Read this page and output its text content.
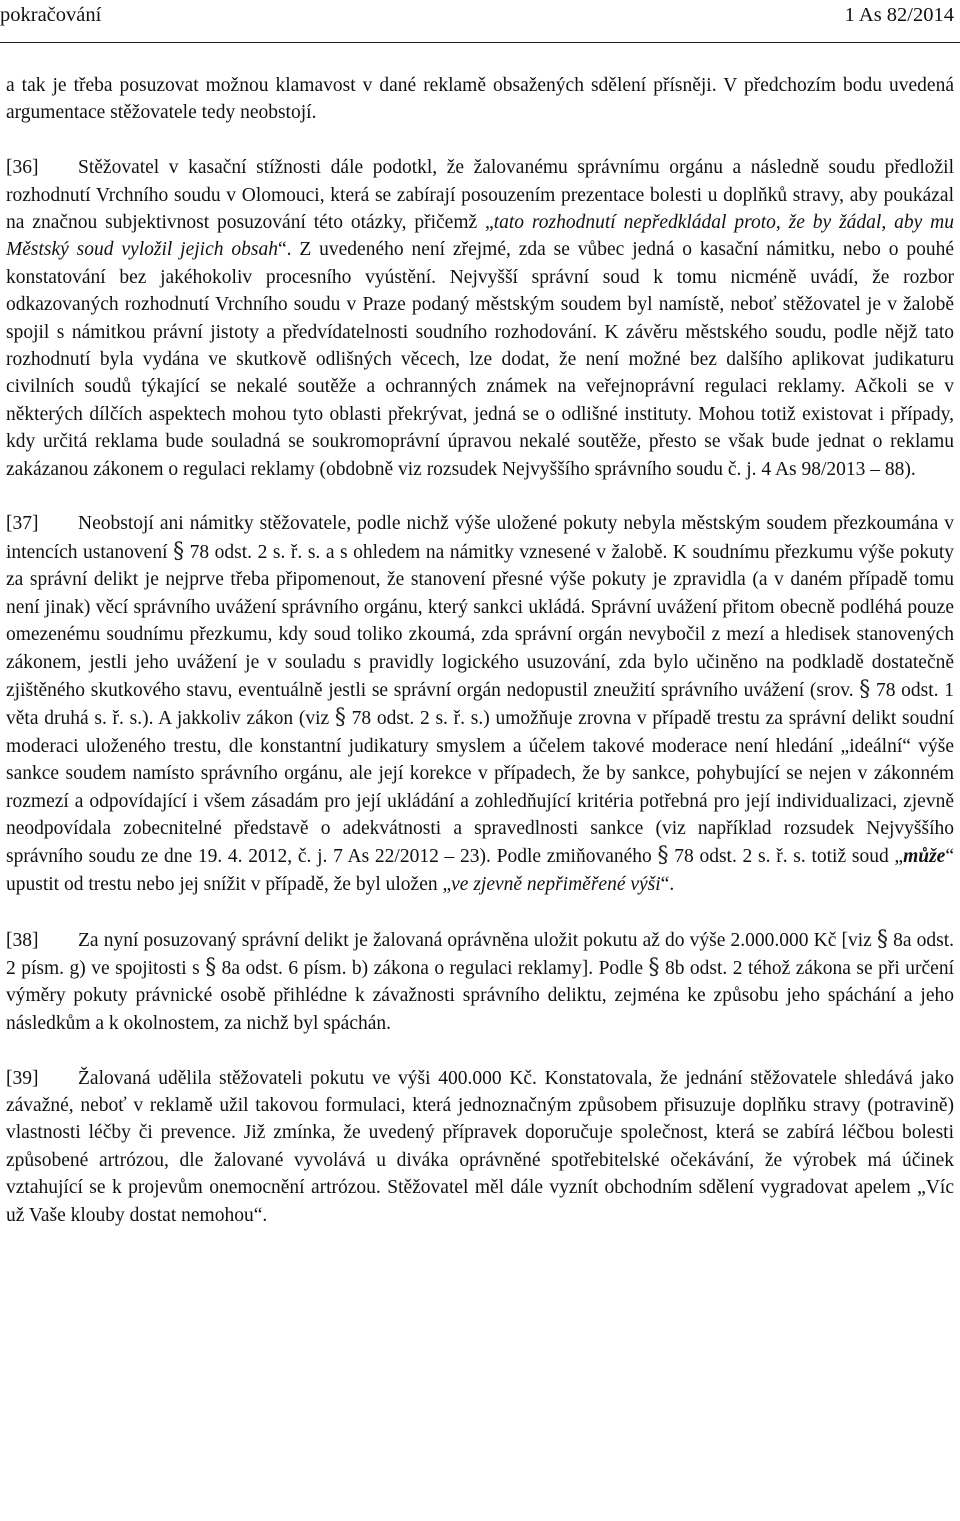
pokračování	1 As 82/2014

a tak je třeba posuzovat možnou klamavost v dané reklamě obsažených sdělení přísněji. V předchozím bodu uvedená argumentace stěžovatele tedy neobstojí.

[36] Stěžovatel v kasační stížnosti dále podotkl, že žalovanému správnímu orgánu a následně soudu předložil rozhodnutí Vrchního soudu v Olomouci, která se zabírají posouzením prezentace bolesti u doplňků stravy, aby poukázal na značnou subjektivnost posuzování této otázky, přičemž „tato rozhodnutí nepředkládal proto, že by žádal, aby mu Městský soud vyložil jejich obsah“. Z uvedeného není zřejmé, zda se vůbec jedná o kasační námitku, nebo o pouhé konstatování bez jakéhokoliv procesního vyústění. Nejvyšší správní soud k tomu nicméně uvádí, že rozbor odkazovaných rozhodnutí Vrchního soudu v Praze podaný městským soudem byl namístě, neboť stěžovatel je v žalobě spojil s námitkou právní jistoty a předvídatelnosti soudního rozhodování. K závěru městského soudu, podle nějž tato rozhodnutí byla vydána ve skutkově odlišných věcech, lze dodat, že není možné bez dalšího aplikovat judikaturu civilních soudů týkající se nekalé soutěže a ochranných známek na veřejnoprávní regulaci reklamy. Ačkoli se v některých dílčích aspektech mohou tyto oblasti překrývat, jedná se o odlišné instituty. Mohou totiž existovat i případy, kdy určitá reklama bude souladná se soukromoprávní úpravou nekalé soutěže, přesto se však bude jednat o reklamu zakázanou zákonem o regulaci reklamy (obdobně viz rozsudek Nejvyššího správního soudu č. j. 4 As 98/2013 – 88).

[37] Neobstojí ani námitky stěžovatele, podle nichž výše uložené pokuty nebyla městským soudem přezkoumána v intencích ustanovení § 78 odst. 2 s. ř. s. a s ohledem na námitky vznesené v žalobě. K soudnímu přezkumu výše pokuty za správní delikt je nejprve třeba připomenout, že stanovení přesné výše pokuty je zpravidla (a v daném případě tomu není jinak) věcí správního uvážení správního orgánu, který sankci ukládá. Správní uvážení přitom obecně podléhá pouze omezenému soudnímu přezkumu, kdy soud toliko zkoumá, zda správní orgán nevybočil z mezí a hledisek stanovených zákonem, jestli jeho uvážení je v souladu s pravidly logického usuzování, zda bylo učiněno na podkladě dostatečně zjištěného skutkového stavu, eventuálně jestli se správní orgán nedopustil zneužití správního uvážení (srov. § 78 odst. 1 věta druhá s. ř. s.). A jakkoliv zákon (viz § 78 odst. 2 s. ř. s.) umožňuje zrovna v případě trestu za správní delikt soudní moderaci uloženého trestu, dle konstantní judikatury smyslem a účelem takové moderace není hledání „ideální“ výše sankce soudem namísto správního orgánu, ale její korekce v případech, že by sankce, pohybující se nejen v zákonném rozmezí a odpovídající i všem zásadám pro její ukládání a zohledňující kritéria potřebná pro její individualizaci, zjevně neodpovídala zobecnitelné představě o adekvátnosti a spravedlnosti sankce (viz například rozsudek Nejvyššího správního soudu ze dne 19. 4. 2012, č. j. 7 As 22/2012 – 23). Podle zmiňovaného § 78 odst. 2 s. ř. s. totiž soud „může“ upustit od trestu nebo jej snížit v případě, že byl uložen „ve zjevně nepřiměřené výši“.

[38] Za nyní posuzovaný správní delikt je žalovaná oprávněna uložit pokutu až do výše 2.000.000 Kč [viz § 8a odst. 2 písm. g) ve spojitosti s § 8a odst. 6 písm. b) zákona o regulaci reklamy]. Podle § 8b odst. 2 téhož zákona se při určení výměry pokuty právnické osobě přihlédne k závažnosti správního deliktu, zejména ke způsobu jeho spáchání a jeho následkům a k okolnostem, za nichž byl spáchán.

[39] Žalovaná udělila stěžovateli pokutu ve výši 400.000 Kč. Konstatovala, že jednání stěžovatele shledává jako závažné, neboť v reklamě užil takovou formulaci, která jednoznačným způsobem přisuzuje doplňku stravy (potravině) vlastnosti léčby či prevence. Již zmínka, že uvedený přípravek doporučuje společnost, která se zabírá léčbou bolesti způsobené artrózou, dle žalované vyvolává u diváka oprávněné spotřebitelské očekávání, že výrobek má účinek vztahující se k projevům onemocnění artrózou. Stěžovatel měl dále vyznít obchodním sdělení vygradovat apelem „Víc už Vaše klouby dostat nemohou“.
